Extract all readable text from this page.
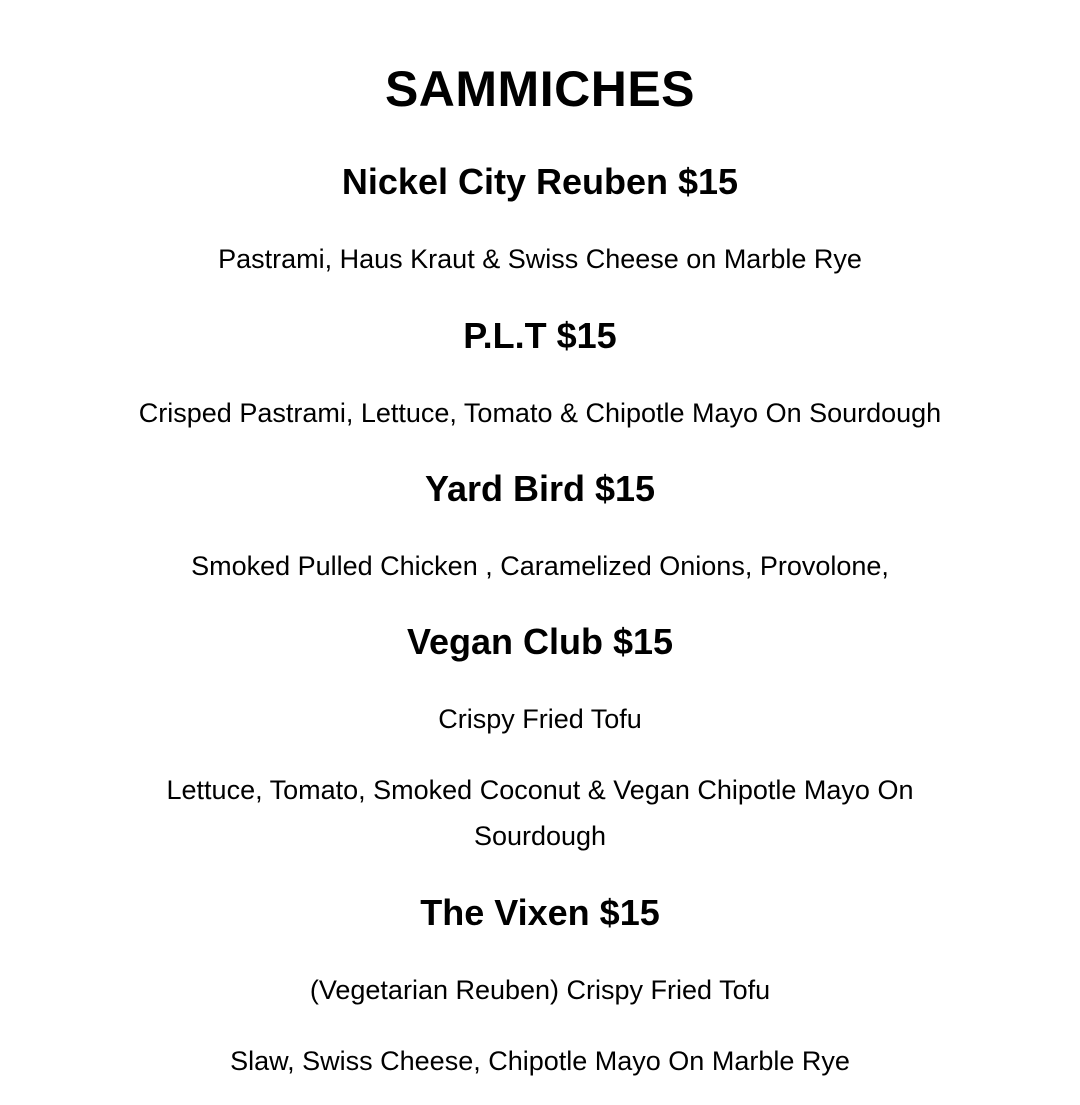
SAMMICHES
Nickel City Reuben $15
Pastrami, Haus Kraut & Swiss Cheese on Marble Rye
P.L.T $15
Crisped Pastrami, Lettuce, Tomato & Chipotle Mayo On Sourdough
Yard Bird $15
Smoked Pulled Chicken , Caramelized Onions, Provolone,
Vegan Club $15
Crispy Fried Tofu
Lettuce, Tomato, Smoked Coconut & Vegan Chipotle Mayo On Sourdough
The Vixen $15
(Vegetarian Reuben) Crispy Fried Tofu
Slaw, Swiss Cheese, Chipotle Mayo On Marble Rye
